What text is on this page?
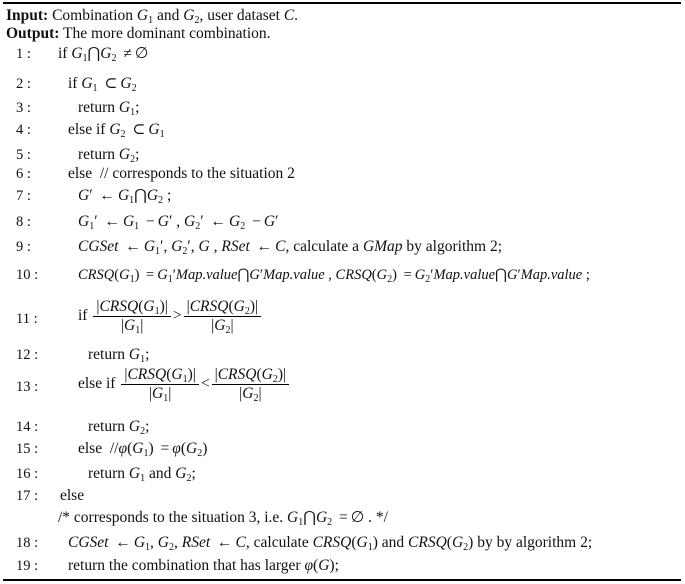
Input: Combination $G_1$ and $G_2$, user dataset C.
Output: The more dominant combination.
1 :	if $G_1⋂G_2$ ≠ ∅
2 :	if $G_1$ ⊂ $G_2$
3 :	return $G_1$;
4 :	else if $G_2$ ⊂ $G_1$
5 :	return $G_2$;
6 :	else // corresponds to the situation 2
7 :	G′ ← $G_1⋂G_2$ ;
8 :	$G_1'$ ← $G_1 - G'$ , $G_2'$ ← $G_2 - G'$
9 :	CGSet ← $G_1'$, $G_2'$, G , RSet ← C, calculate a GMap by algorithm 2;
10 :	$CRSQ(G_1)$ = $G_1'Map.value⋂G'Map.value$ , $CRSQ(G_2)$ = $G_2'Map.value⋂G'Map.value$ ;
11 :	if $\frac{|CRSQ(G_1)|}{|G_1|} > \frac{|CRSQ(G_2)|}{|G_2|}$
12 :	return $G_1$;
13 :	else if $\frac{|CRSQ(G_1)|}{|G_1|} < \frac{|CRSQ(G_2)|}{|G_2|}$
14 :	return $G_2$;
15 :	else $//\varphi(G_1) = \varphi(G_2)$
16 :	return $G_1$ and $G_2$;
17 :	else
/* corresponds to the situation 3, i.e. $G_1⋂G_2$ = ∅ . */
18 :	CGSet ← $G_1$, $G_2$, RSet ← C, calculate $CRSQ(G_1)$ and $CRSQ(G_2)$ by by algorithm 2;
19 :	return the combination that has larger φ(G);
